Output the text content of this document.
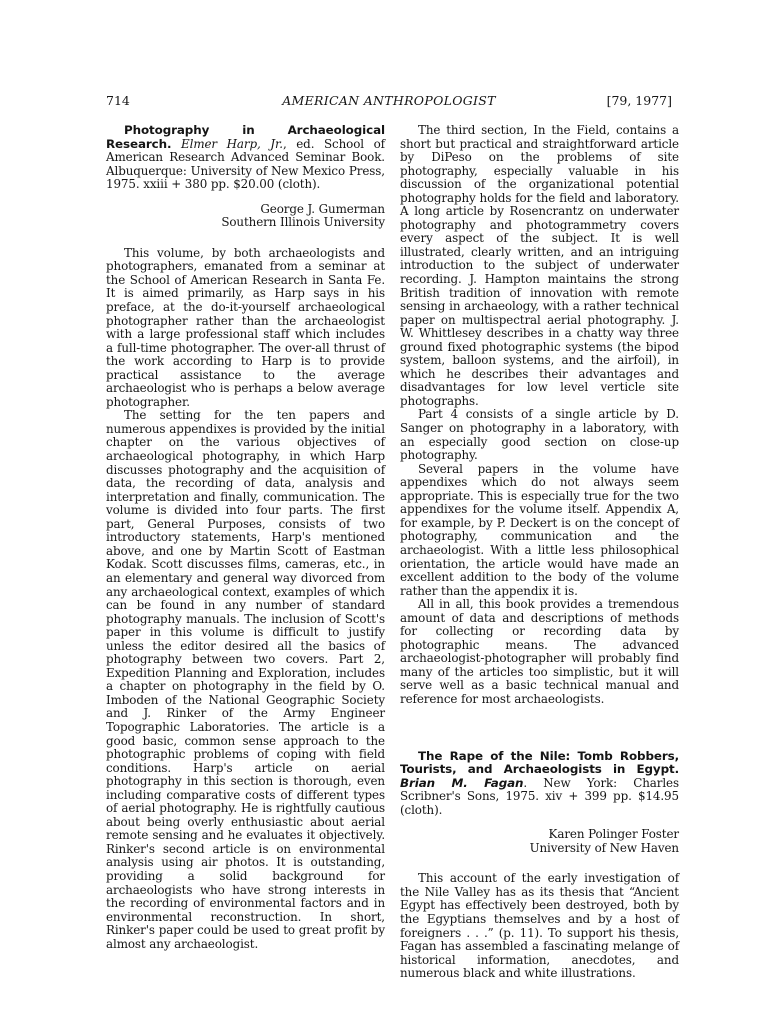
714	AMERICAN ANTHROPOLOGIST	[79, 1977]

Photography in Archaeological Research. Elmer Harp, Jr., ed. School of American Research Advanced Seminar Book. Albuquerque: University of New Mexico Press, 1975. xxiii + 380 pp. $20.00 (cloth).

George J. Gumerman
Southern Illinois University

This volume, by both archaeologists and photographers, emanated from a seminar at the School of American Research in Santa Fe. It is aimed primarily, as Harp says in his preface, at the do-it-yourself archaeological photographer rather than the archaeologist with a large professional staff which includes a full-time photographer. The over-all thrust of the work according to Harp is to provide practical assistance to the average archaeologist who is perhaps a below average photographer.

The setting for the ten papers and numerous appendixes is provided by the initial chapter on the various objectives of archaeological photography, in which Harp discusses photography and the acquisition of data, the recording of data, analysis and interpretation and finally, communication. The volume is divided into four parts. The first part, General Purposes, consists of two introductory statements, Harp's mentioned above, and one by Martin Scott of Eastman Kodak. Scott discusses films, cameras, etc., in an elementary and general way divorced from any archaeological context, examples of which can be found in any number of standard photography manuals. The inclusion of Scott's paper in this volume is difficult to justify unless the editor desired all the basics of photography between two covers. Part 2, Expedition Planning and Exploration, includes a chapter on photography in the field by O. Imboden of the National Geographic Society and J. Rinker of the Army Engineer Topographic Laboratories. The article is a good basic, common sense approach to the photographic problems of coping with field conditions. Harp's article on aerial photography in this section is thorough, even including comparative costs of different types of aerial photography. He is rightfully cautious about being overly enthusiastic about aerial remote sensing and he evaluates it objectively. Rinker's second article is on environmental analysis using air photos. It is outstanding, providing a solid background for archaeologists who have strong interests in the recording of environmental factors and in environmental reconstruction. In short, Rinker's paper could be used to great profit by almost any archaeologist.

The third section, In the Field, contains a short but practical and straightforward article by DiPeso on the problems of site photography, especially valuable in his discussion of the organizational potential photography holds for the field and laboratory. A long article by Rosencrantz on underwater photography and photogrammetry covers every aspect of the subject. It is well illustrated, clearly written, and an intriguing introduction to the subject of underwater recording. J. Hampton maintains the strong British tradition of innovation with remote sensing in archaeology, with a rather technical paper on multispectral aerial photography. J. W. Whittlesey describes in a chatty way three ground fixed photographic systems (the bipod system, balloon systems, and the airfoil), in which he describes their advantages and disadvantages for low level verticle site photographs.

Part 4 consists of a single article by D. Sanger on photography in a laboratory, with an especially good section on close-up photography.

Several papers in the volume have appendixes which do not always seem appropriate. This is especially true for the two appendixes for the volume itself. Appendix A, for example, by P. Deckert is on the concept of photography, communication and the archaeologist. With a little less philosophical orientation, the article would have made an excellent addition to the body of the volume rather than the appendix it is.

All in all, this book provides a tremendous amount of data and descriptions of methods for collecting or recording data by photographic means. The advanced archaeologist-photographer will probably find many of the articles too simplistic, but it will serve well as a basic technical manual and reference for most archaeologists.

The Rape of the Nile: Tomb Robbers, Tourists, and Archaeologists in Egypt. Brian M. Fagan. New York: Charles Scribner's Sons, 1975. xiv + 399 pp. $14.95 (cloth).

Karen Polinger Foster
University of New Haven

This account of the early investigation of the Nile Valley has as its thesis that “Ancient Egypt has effectively been destroyed, both by the Egyptians themselves and by a host of foreigners . . .” (p. 11). To support his thesis, Fagan has assembled a fascinating melange of historical information, anecdotes, and numerous black and white illustrations.
